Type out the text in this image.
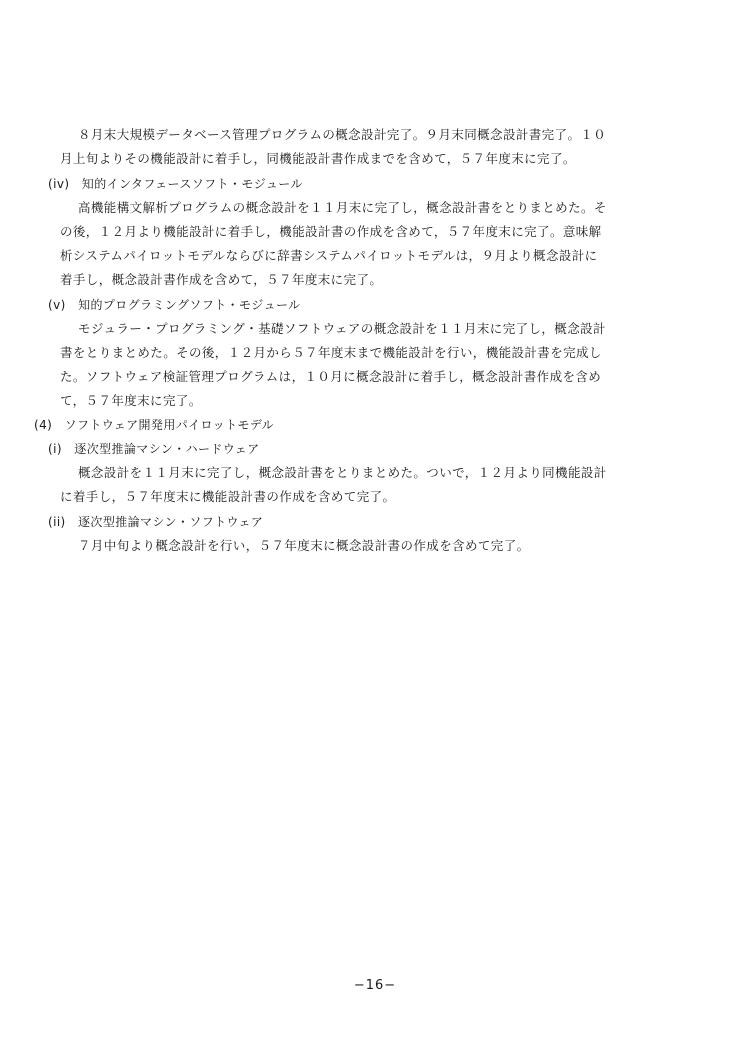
８月末大規模データベース管理プログラムの概念設計完了。９月末同概念設計書完了。１０
月上旬よりその機能設計に着手し，同機能設計書作成までを含めて，５７年度末に完了。
(iv)　知的インタフェースソフト・モジュール
高機能構文解析プログラムの概念設計を１１月末に完了し，概念設計書をとりまとめた。そ
の後，１２月より機能設計に着手し，機能設計書の作成を含めて，５７年度末に完了。意味解
析システムパイロットモデルならびに辞書システムパイロットモデルは，９月より概念設計に
着手し，概念設計書作成を含めて，５７年度末に完了。
(v)　知的プログラミングソフト・モジュール
モジュラー・プログラミング・基礎ソフトウェアの概念設計を１１月末に完了し，概念設計
書をとりまとめた。その後，１２月から５７年度末まで機能設計を行い，機能設計書を完成し
た。ソフトウェア検証管理プログラムは，１０月に概念設計に着手し，概念設計書作成を含め
て，５７年度末に完了。
(4)　ソフトウェア開発用パイロットモデル
(i)　逐次型推論マシン・ハードウェア
概念設計を１１月末に完了し，概念設計書をとりまとめた。ついで，１２月より同機能設計
に着手し，５７年度末に機能設計書の作成を含めて完了。
(ii)　逐次型推論マシン・ソフトウェア
７月中旬より概念設計を行い，５７年度末に概念設計書の作成を含めて完了。
−16−
